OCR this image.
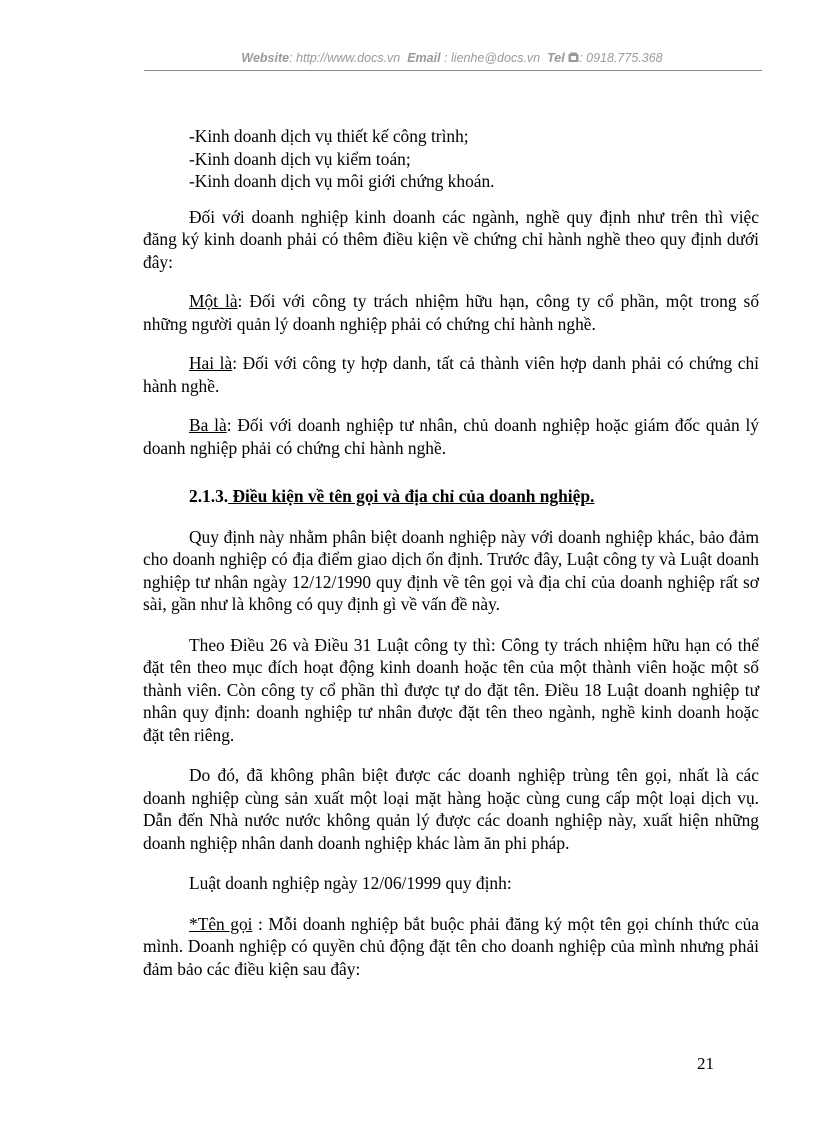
Website: http://www.docs.vn Email : lienhe@docs.vn Tel : 0918.775.368

-Kinh doanh dịch vụ thiết kế công trình;

-Kinh doanh dịch vụ kiểm toán;

-Kinh doanh dịch vụ môi giới chứng khoán.

Đối với doanh nghiệp kinh doanh các ngành, nghề quy định như trên thì việc đăng ký kinh doanh phải có thêm điều kiện về chứng chỉ hành nghề theo quy định dưới đây:

Một là: Đối với công ty trách nhiệm hữu hạn, công ty cổ phần, một trong số những người quản lý doanh nghiệp phải có chứng chỉ hành nghề.

Hai là: Đối với công ty hợp danh, tất cả thành viên hợp danh phải có chứng chỉ hành nghề.

Ba là: Đối với doanh nghiệp tư nhân, chủ doanh nghiệp hoặc giám đốc quản lý doanh nghiệp phải có chứng chỉ hành nghề.

2.1.3. Điều kiện về tên gọi và địa chỉ của doanh nghiệp.

Quy định này nhằm phân biệt doanh nghiệp này với doanh nghiệp khác, bảo đảm cho doanh nghiệp có địa điểm giao dịch ổn định. Trước đây, Luật công ty và Luật doanh nghiệp tư nhân ngày 12/12/1990 quy định về tên gọi và địa chỉ của doanh nghiệp rất sơ sài, gần như là không có quy định gì về vấn đề này.

Theo Điều 26 và Điều 31 Luật công ty thì: Công ty trách nhiệm hữu hạn có thể đặt tên theo mục đích hoạt động kinh doanh hoặc tên của một thành viên hoặc một số thành viên. Còn công ty cổ phần thì được tự do đặt tên. Điều 18 Luật doanh nghiệp tư nhân quy định: doanh nghiệp tư nhân được đặt tên theo ngành, nghề kinh doanh hoặc đặt tên riêng.

Do đó, đã không phân biệt được các doanh nghiệp trùng tên gọi, nhất là các doanh nghiệp cùng sản xuất một loại mặt hàng hoặc cùng cung cấp một loại dịch vụ. Dẫn đến Nhà nước nước không quản lý được các doanh nghiệp này, xuất hiện những doanh nghiệp nhân danh doanh nghiệp khác làm ăn phi pháp.

Luật doanh nghiệp ngày 12/06/1999 quy định:

*Tên gọi : Mỗi doanh nghiệp bắt buộc phải đăng ký một tên gọi chính thức của mình. Doanh nghiệp có quyền chủ động đặt tên cho doanh nghiệp của mình nhưng phải đảm bảo các điều kiện sau đây:

21
